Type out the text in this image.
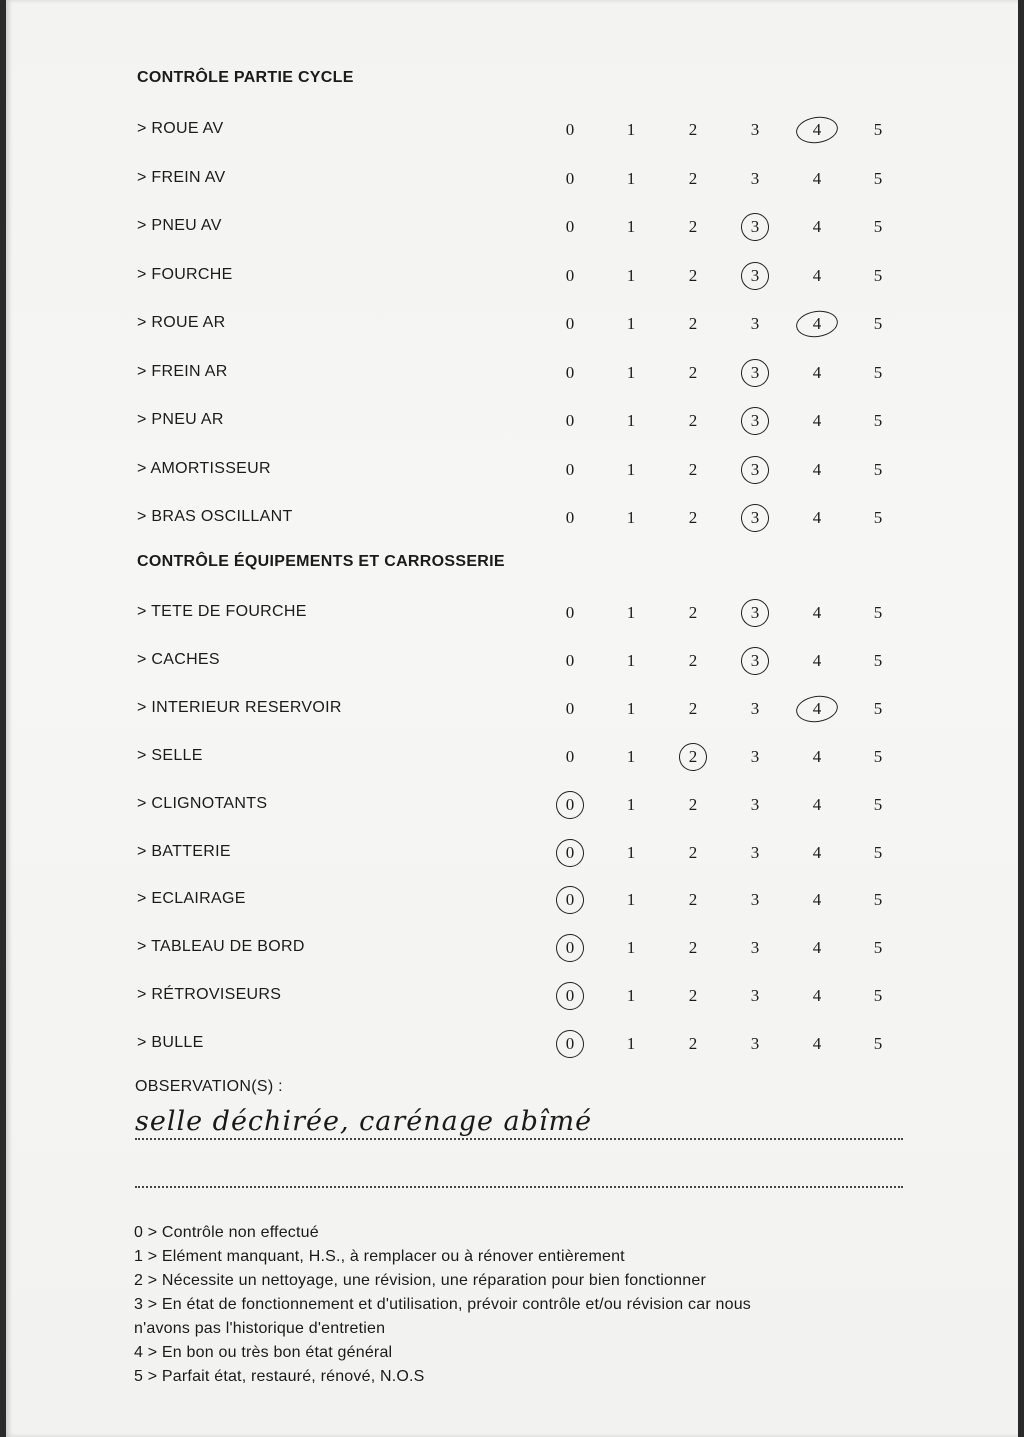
CONTRÔLE PARTIE CYCLE
> ROUE AV	0	1	2	3	4	5
> FREIN AV	0	1	2	3	4	5
> PNEU AV	0	1	2	3	4	5
> FOURCHE	0	1	2	3	4	5
> ROUE AR	0	1	2	3	4	5
> FREIN AR	0	1	2	3	4	5
> PNEU AR	0	1	2	3	4	5
> AMORTISSEUR	0	1	2	3	4	5
> BRAS OSCILLANT	0	1	2	3	4	5
CONTRÔLE ÉQUIPEMENTS ET CARROSSERIE
> TETE DE FOURCHE	0	1	2	3	4	5
> CACHES	0	1	2	3	4	5
> INTERIEUR RESERVOIR	0	1	2	3	4	5
> SELLE	0	1	2	3	4	5
> CLIGNOTANTS	0	1	2	3	4	5
> BATTERIE	0	1	2	3	4	5
> ECLAIRAGE	0	1	2	3	4	5
> TABLEAU DE BORD	0	1	2	3	4	5
> RÉTROVISEURS	0	1	2	3	4	5
> BULLE	0	1	2	3	4	5
OBSERVATION(S) :
selle déchirée, carénage abîmé
0 > Contrôle non effectué
1 > Elément manquant, H.S., à remplacer ou à rénover entièrement
2 > Nécessite un nettoyage, une révision, une réparation pour bien fonctionner
3 > En état de fonctionnement et d'utilisation, prévoir contrôle et/ou révision car nous
n'avons pas l'historique d'entretien
4 > En bon ou très bon état général
5 > Parfait état, restauré, rénové, N.O.S
